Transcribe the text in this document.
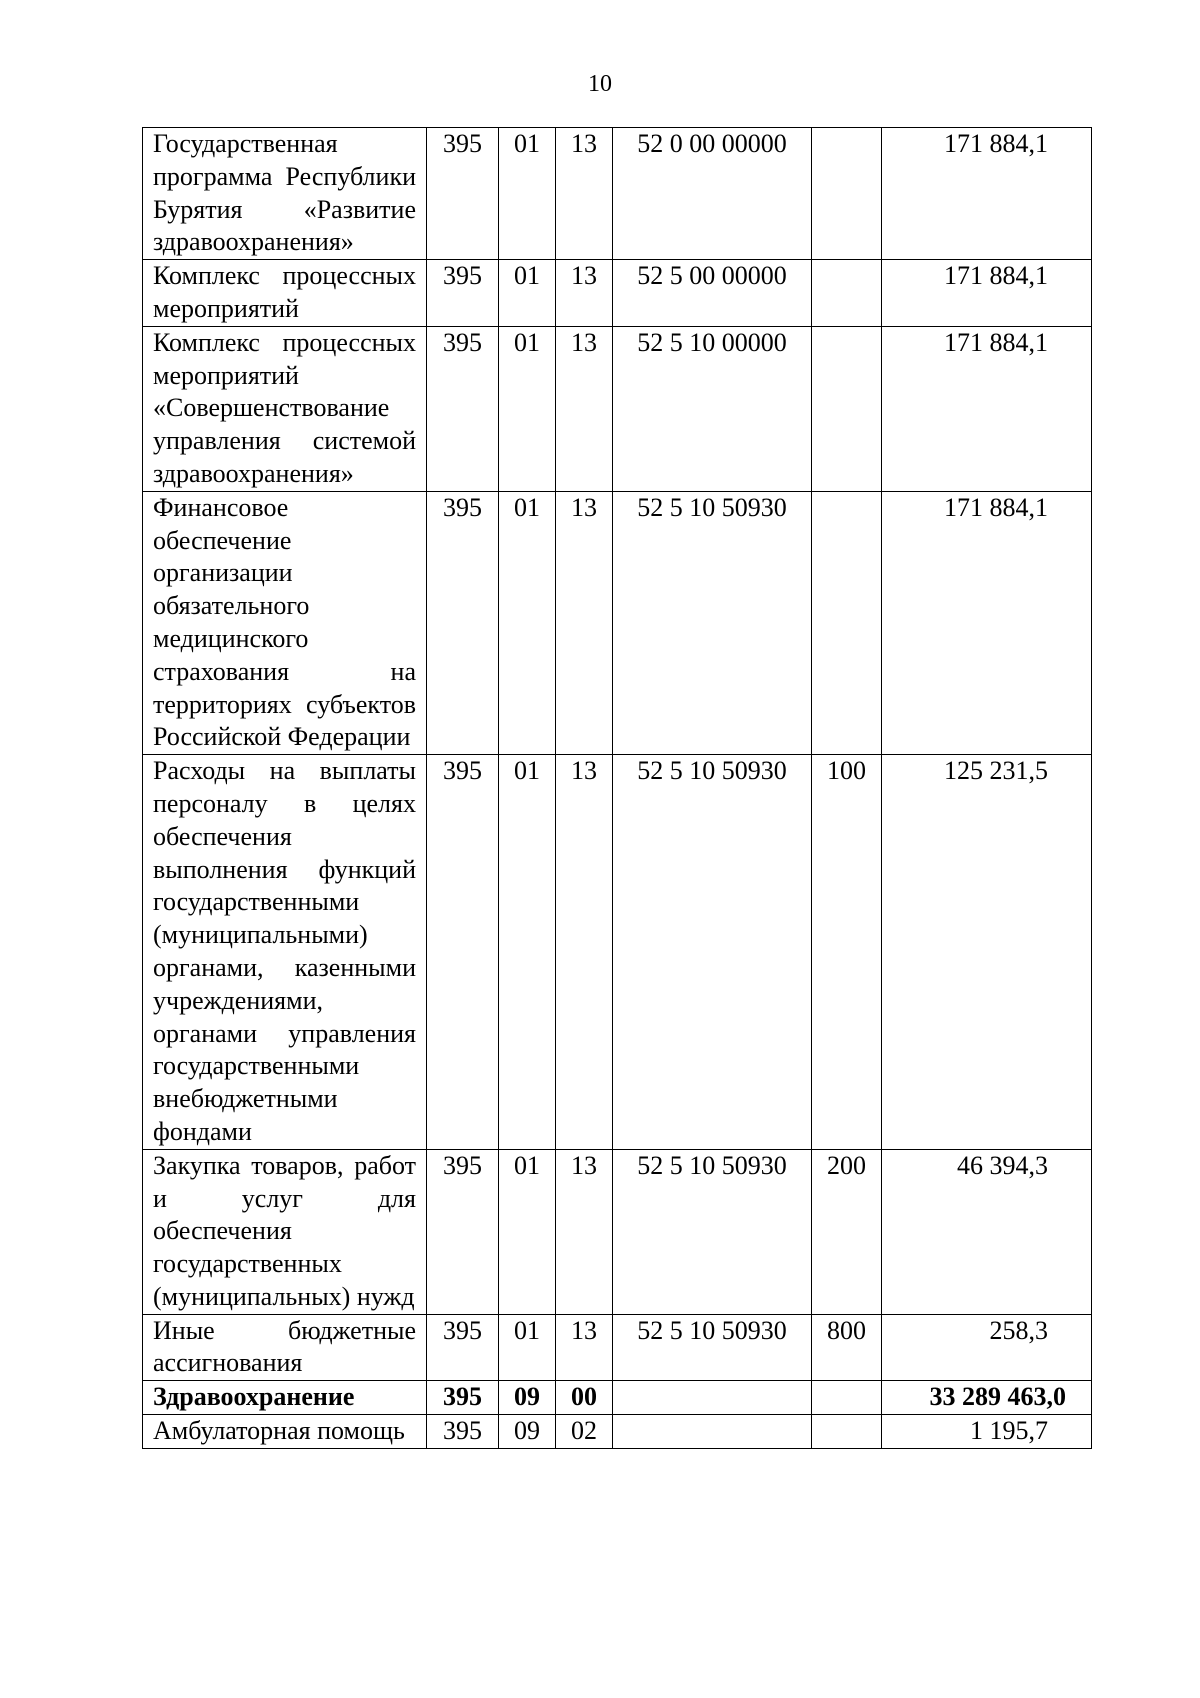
10
Государственная программа Республики Бурятия «Развитие здравоохранения»	395	01	13	52 0 00 00000		171 884,1
Комплекс процессных мероприятий	395	01	13	52 5 00 00000		171 884,1
Комплекс процессных мероприятий «Совершенствование управления системой здравоохранения»	395	01	13	52 5 10 00000		171 884,1
Финансовое обеспечение организации обязательного медицинского страхования на территориях субъектов Российской Федерации	395	01	13	52 5 10 50930		171 884,1
Расходы на выплаты персоналу в целях обеспечения выполнения функций государственными (муниципальными) органами, казенными учреждениями, органами управления государственными внебюджетными фондами	395	01	13	52 5 10 50930	100	125 231,5
Закупка товаров, работ и услуг для обеспечения государственных (муниципальных) нужд	395	01	13	52 5 10 50930	200	46 394,3
Иные бюджетные ассигнования	395	01	13	52 5 10 50930	800	258,3
Здравоохранение	395	09	00			33 289 463,0
Амбулаторная помощь	395	09	02			1 195,7
